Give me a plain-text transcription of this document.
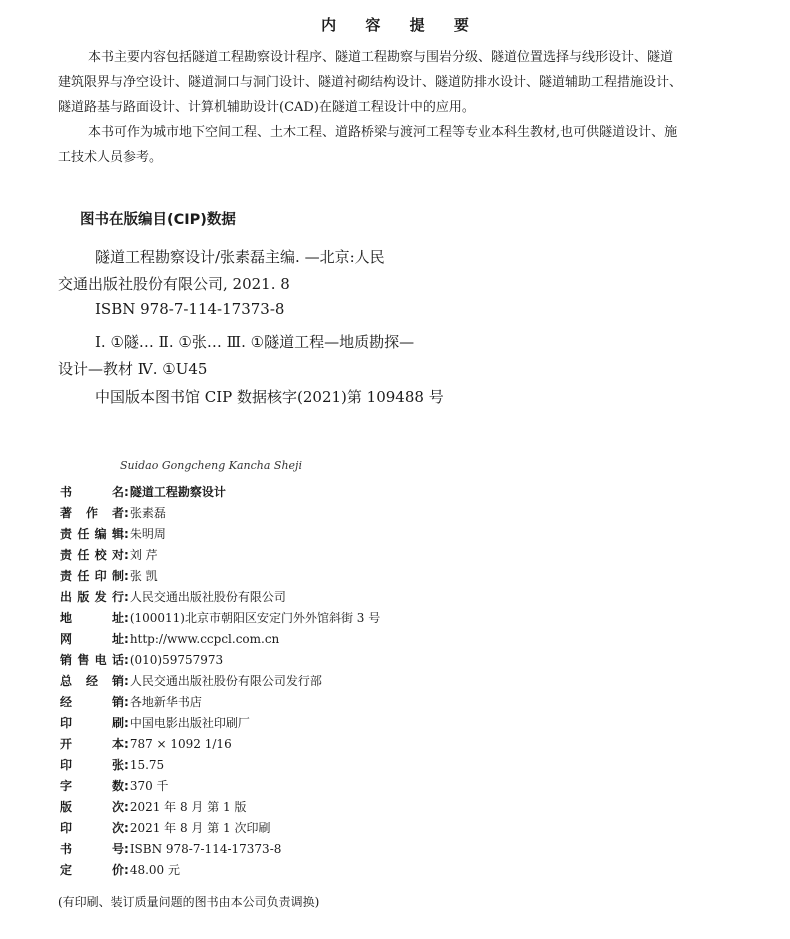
内 容 提 要
本书主要内容包括隧道工程勘察设计程序、隧道工程勘察与围岩分级、隧道位置选择与线形设计、隧道
建筑限界与净空设计、隧道洞口与洞门设计、隧道衬砌结构设计、隧道防排水设计、隧道辅助工程措施设计、
隧道路基与路面设计、计算机辅助设计(CAD)在隧道工程设计中的应用。
本书可作为城市地下空间工程、土木工程、道路桥梁与渡河工程等专业本科生教材,也可供隧道设计、施
工技术人员参考。
图书在版编目(CIP)数据
隧道工程勘察设计/张素磊主编. —北京:人民
交通出版社股份有限公司, 2021. 8
ISBN 978-7-114-17373-8
Ⅰ. ①隧… Ⅱ. ①张… Ⅲ. ①隧道工程—地质勘探—
设计—教材 Ⅳ. ①U45
中国版本图书馆 CIP 数据核字(2021)第 109488 号
Suidao Gongcheng Kancha Sheji
书名:隧道工程勘察设计
著作者:张素磊
责任编辑:朱明周
责任校对:刘 芹
责任印制:张 凯
出版发行:人民交通出版社股份有限公司
地址:(100011)北京市朝阳区安定门外外馆斜街 3 号
网址:http://www.ccpcl.com.cn
销售电话:(010)59757973
总经销:人民交通出版社股份有限公司发行部
经销:各地新华书店
印刷:中国电影出版社印刷厂
开本:787 × 1092 1/16
印张:15.75
字数:370 千
版次:2021 年 8 月 第 1 版
印次:2021 年 8 月 第 1 次印刷
书号:ISBN 978-7-114-17373-8
定价:48.00 元
(有印刷、装订质量问题的图书由本公司负责调换)
